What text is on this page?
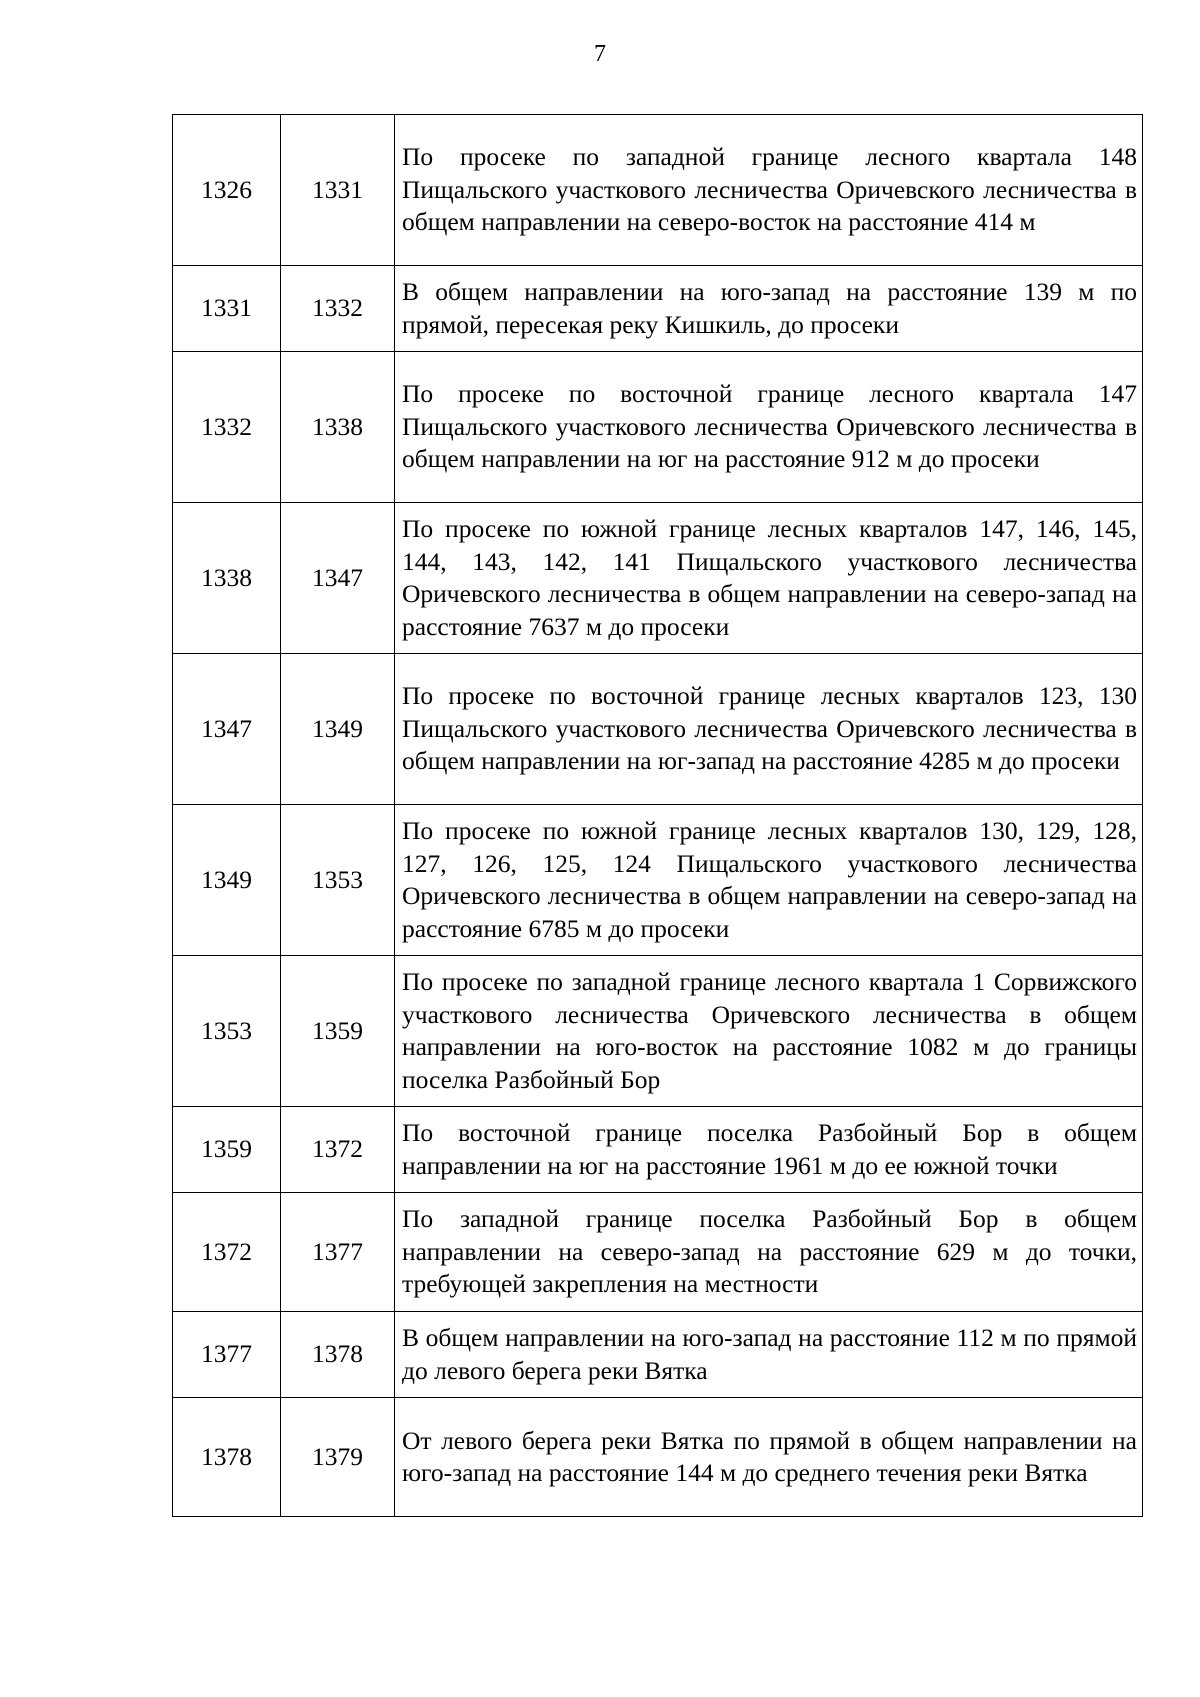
7
1326	1331	По просеке по западной границе лесного квартала 148 Пищальского участкового лесничества Оричевского лесничества в общем направлении на северо-восток на расстояние 414 м
1331	1332	В общем направлении на юго-запад на расстояние 139 м по прямой, пересекая реку Кишкиль, до просеки
1332	1338	По просеке по восточной границе лесного квартала 147 Пищальского участкового лесничества Оричевского лесничества в общем направлении на юг на расстояние 912 м до просеки
1338	1347	По просеке по южной границе лесных кварталов 147, 146, 145, 144, 143, 142, 141 Пищальского участкового лесничества Оричевского лесничества в общем направлении на северо-запад на расстояние 7637 м до просеки
1347	1349	По просеке по восточной границе лесных кварталов 123, 130 Пищальского участкового лесничества Оричевского лесничества в общем направлении на юг-запад на расстояние 4285 м до просеки
1349	1353	По просеке по южной границе лесных кварталов 130, 129, 128, 127, 126, 125, 124 Пищальского участкового лесничества Оричевского лесничества в общем направлении на северо-запад на расстояние 6785 м до просеки
1353	1359	По просеке по западной границе лесного квартала 1 Сорвижского участкового лесничества Оричевского лесничества в общем направлении на юго-восток на расстояние 1082 м до границы поселка Разбойный Бор
1359	1372	По восточной границе поселка Разбойный Бор в общем направлении на юг на расстояние 1961 м до ее южной точки
1372	1377	По западной границе поселка Разбойный Бор в общем направлении на северо-запад на расстояние 629 м до точки, требующей закрепления на местности
1377	1378	В общем направлении на юго-запад на расстояние 112 м по прямой до левого берега реки Вятка
1378	1379	От левого берега реки Вятка по прямой в общем направлении на юго-запад на расстояние 144 м до среднего течения реки Вятка
